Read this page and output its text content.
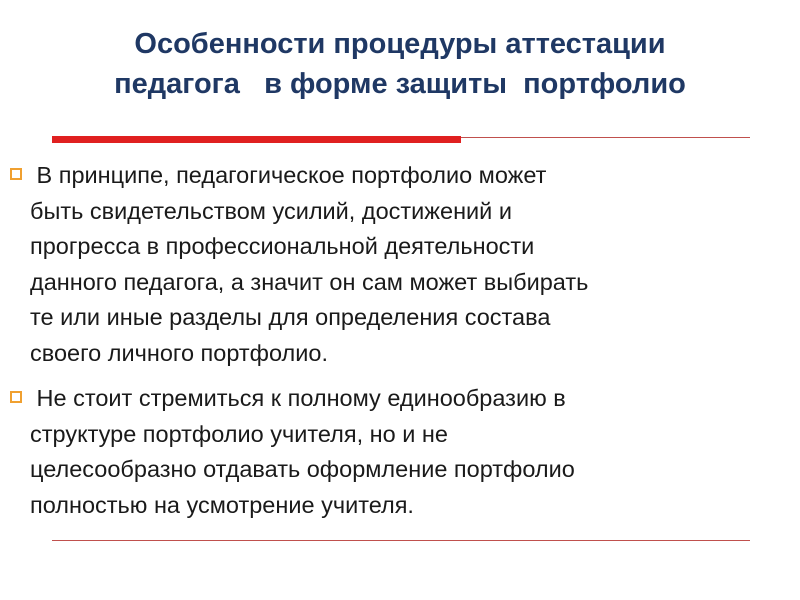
Особенности процедуры аттестации
педагога   в форме защиты  портфолио
В принципе, педагогическое портфолио может
быть свидетельством усилий, достижений и
прогресса в профессиональной деятельности
данного педагога, а значит он сам может выбирать
те или иные разделы для определения состава
своего личного портфолио.
Не стоит стремиться к полному единообразию в
структуре портфолио учителя, но и не
целесообразно отдавать оформление портфолио
полностью на усмотрение учителя.
